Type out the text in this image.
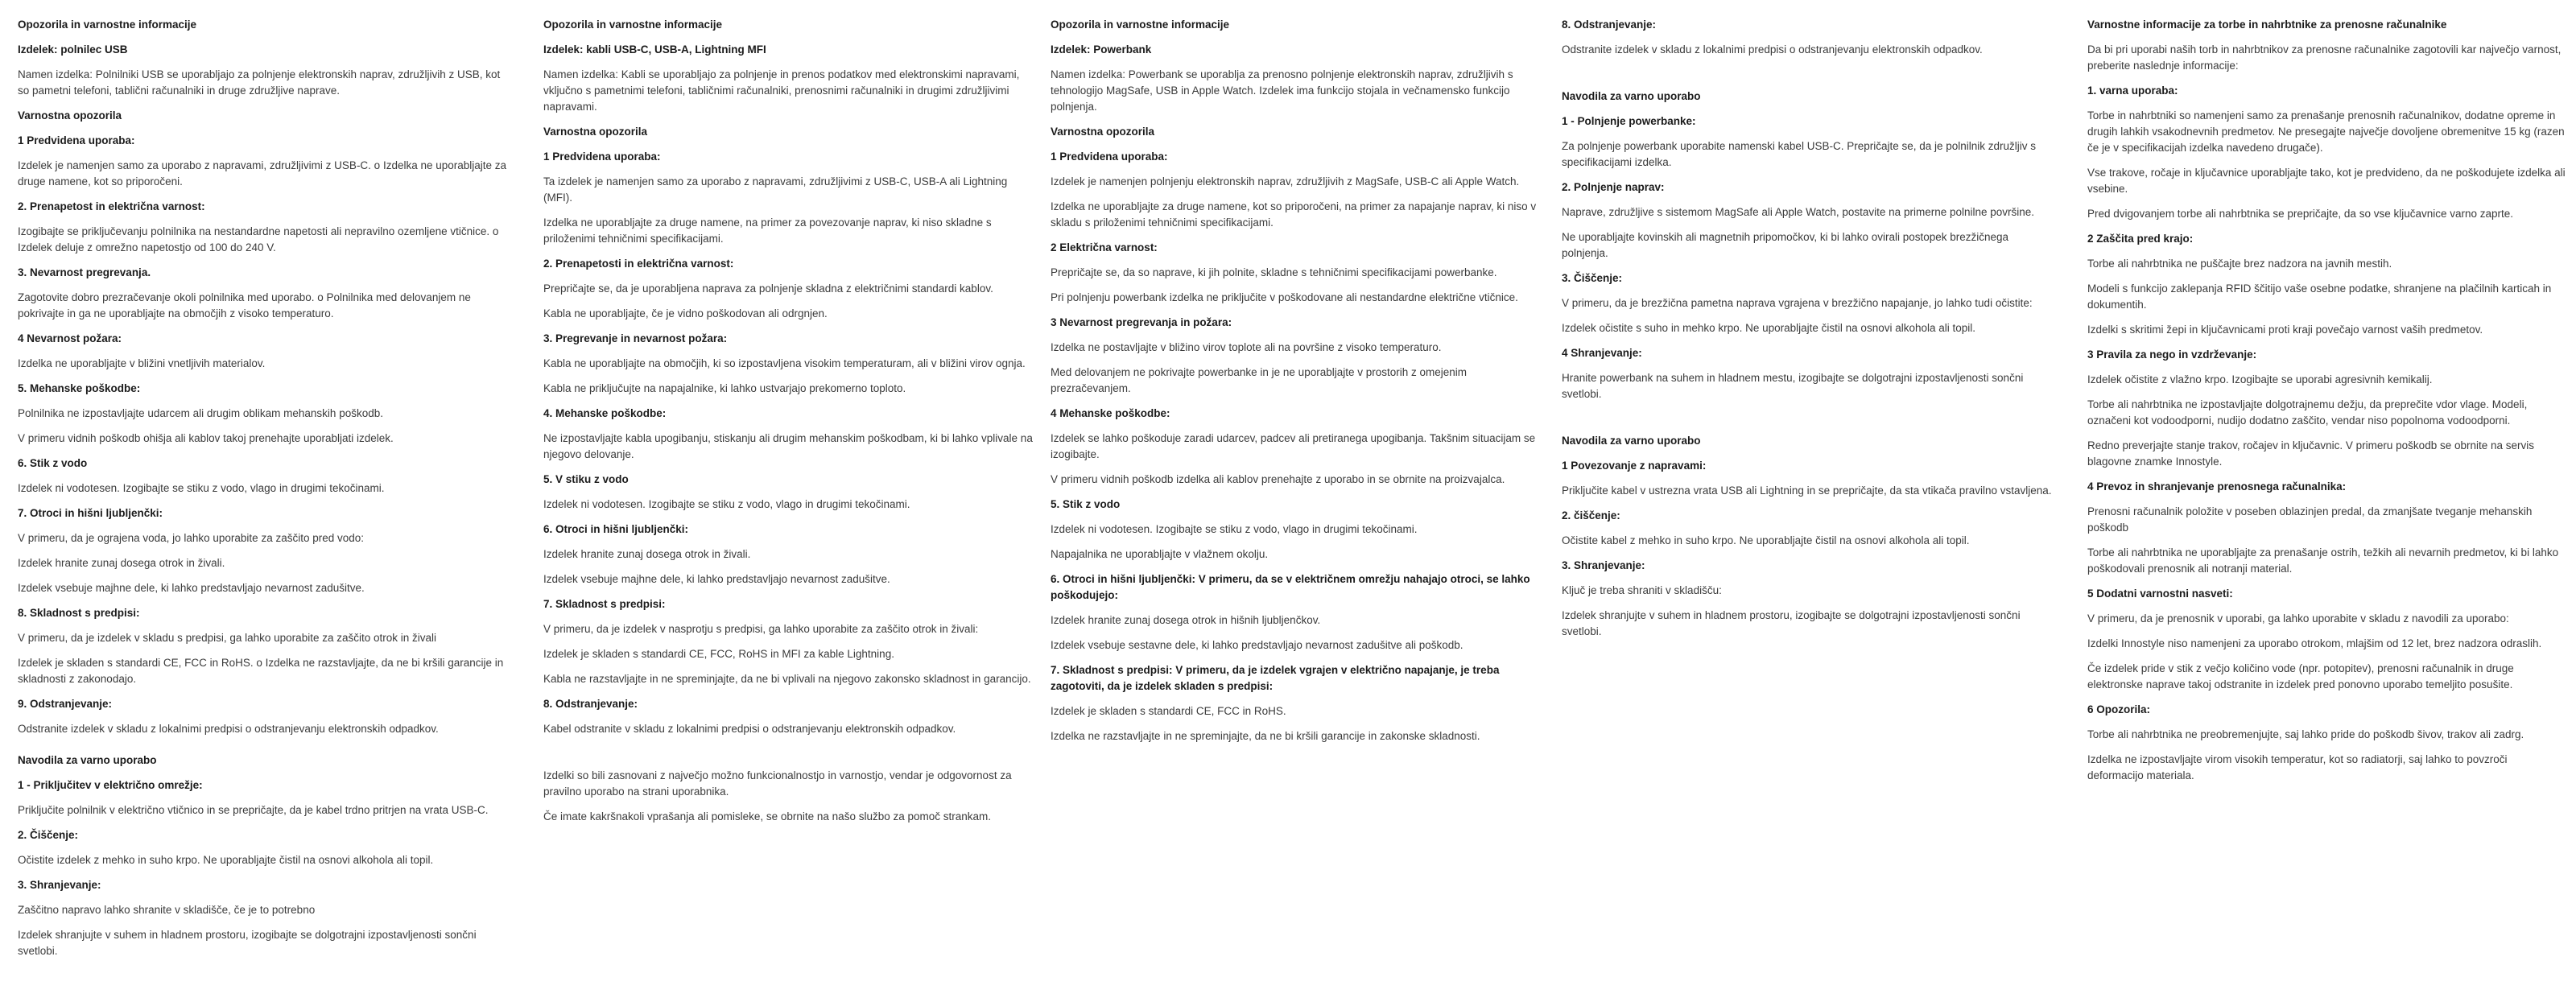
Opozorila in varnostne informacije
Izdelek: polnilec USB
Namen izdelka: Polnilniki USB se uporabljajo za polnjenje elektronskih naprav, združljivih z USB, kot so pametni telefoni, tablični računalniki in druge združljive naprave.
Varnostna opozorila
1 Predvidena uporaba:
Izdelek je namenjen samo za uporabo z napravami, združljivimi z USB-C. o Izdelka ne uporabljajte za druge namene, kot so priporočeni.
2. Prenapetost in električna varnost:
Izogibajte se priključevanju polnilnika na nestandardne napetosti ali nepravilno ozemljene vtičnice. o Izdelek deluje z omrežno napetostjo od 100 do 240 V.
3. Nevarnost pregrevanja.
Zagotovite dobro prezračevanje okoli polnilnika med uporabo. o Polnilnika med delovanjem ne pokrivajte in ga ne uporabljajte na območjih z visoko temperaturo.
4 Nevarnost požara:
Izdelka ne uporabljajte v bližini vnetljivih materialov.
5. Mehanske poškodbe:
Polnilnika ne izpostavljajte udarcem ali drugim oblikam mehanskih poškodb.
V primeru vidnih poškodb ohišja ali kablov takoj prenehajte uporabljati izdelek.
6. Stik z vodo
Izdelek ni vodotesen. Izogibajte se stiku z vodo, vlago in drugimi tekočinami.
7. Otroci in hišni ljubljenčki:
V primeru, da je ograjena voda, jo lahko uporabite za zaščito pred vodo:
Izdelek hranite zunaj dosega otrok in živali.
Izdelek vsebuje majhne dele, ki lahko predstavljajo nevarnost zadušitve.
8. Skladnost s predpisi:
V primeru, da je izdelek v skladu s predpisi, ga lahko uporabite za zaščito otrok in živali
Izdelek je skladen s standardi CE, FCC in RoHS. o Izdelka ne razstavljajte, da ne bi kršili garancije in skladnosti z zakonodajo.
9. Odstranjevanje:
Odstranite izdelek v skladu z lokalnimi predpisi o odstranjevanju elektronskih odpadkov.
Navodila za varno uporabo
1 - Priključitev v električno omrežje:
Priključite polnilnik v električno vtičnico in se prepričajte, da je kabel trdno pritrjen na vrata USB-C.
2. Čiščenje:
Očistite izdelek z mehko in suho krpo. Ne uporabljajte čistil na osnovi alkohola ali topil.
3. Shranjevanje:
Zaščitno napravo lahko shranite v skladišče, če je to potrebno
Izdelek shranjujte v suhem in hladnem prostoru, izogibajte se dolgotrajni izpostavljenosti sončni svetlobi.
Opozorila in varnostne informacije
Izdelek: kabli USB-C, USB-A, Lightning MFI
Namen izdelka: Kabli se uporabljajo za polnjenje in prenos podatkov med elektronskimi napravami, vključno s pametnimi telefoni, tabličnimi računalniki, prenosnimi računalniki in drugimi združljivimi napravami.
Varnostna opozorila
1 Predvidena uporaba:
Ta izdelek je namenjen samo za uporabo z napravami, združljivimi z USB-C, USB-A ali Lightning (MFI).
Izdelka ne uporabljajte za druge namene, na primer za povezovanje naprav, ki niso skladne s priloženimi tehničnimi specifikacijami.
2. Prenapetosti in električna varnost:
Prepričajte se, da je uporabljena naprava za polnjenje skladna z električnimi standardi kablov.
Kabla ne uporabljajte, če je vidno poškodovan ali odrgnjen.
3. Pregrevanje in nevarnost požara:
Kabla ne uporabljajte na območjih, ki so izpostavljena visokim temperaturam, ali v bližini virov ognja.
Kabla ne priključujte na napajalnike, ki lahko ustvarjajo prekomerno toploto.
4. Mehanske poškodbe:
Ne izpostavljajte kabla upogibanju, stiskanju ali drugim mehanskim poškodbam, ki bi lahko vplivale na njegovo delovanje.
5. V stiku z vodo
Izdelek ni vodotesen. Izogibajte se stiku z vodo, vlago in drugimi tekočinami.
6. Otroci in hišni ljubljenčki:
Izdelek hranite zunaj dosega otrok in živali.
Izdelek vsebuje majhne dele, ki lahko predstavljajo nevarnost zadušitve.
7. Skladnost s predpisi:
V primeru, da je izdelek v nasprotju s predpisi, ga lahko uporabite za zaščito otrok in živali:
Izdelek je skladen s standardi CE, FCC, RoHS in MFI za kable Lightning.
Kabla ne razstavljajte in ne spreminjajte, da ne bi vplivali na njegovo zakonsko skladnost in garancijo.
8. Odstranjevanje:
Kabel odstranite v skladu z lokalnimi predpisi o odstranjevanju elektronskih odpadkov.
Izdelki so bili zasnovani z največjo možno funkcionalnostjo in varnostjo, vendar je odgovornost za pravilno uporabo na strani uporabnika.
Če imate kakršnakoli vprašanja ali pomisleke, se obrnite na našo službo za pomoč strankam.
Opozorila in varnostne informacije
Izdelek: Powerbank
Namen izdelka: Powerbank se uporablja za prenosno polnjenje elektronskih naprav, združljivih s tehnologijo MagSafe, USB in Apple Watch. Izdelek ima funkcijo stojala in večnamensko funkcijo polnjenja.
Varnostna opozorila
1 Predvidena uporaba:
Izdelek je namenjen polnjenju elektronskih naprav, združljivih z MagSafe, USB-C ali Apple Watch.
Izdelka ne uporabljajte za druge namene, kot so priporočeni, na primer za napajanje naprav, ki niso v skladu s priloženimi tehničnimi specifikacijami.
2 Električna varnost:
Prepričajte se, da so naprave, ki jih polnite, skladne s tehničnimi specifikacijami powerbanke.
Pri polnjenju powerbank izdelka ne priključite v poškodovane ali nestandardne električne vtičnice.
3 Nevarnost pregrevanja in požara:
Izdelka ne postavljajte v bližino virov toplote ali na površine z visoko temperaturo.
Med delovanjem ne pokrivajte powerbanke in je ne uporabljajte v prostorih z omejenim prezračevanjem.
4 Mehanske poškodbe:
Izdelek se lahko poškoduje zaradi udarcev, padcev ali pretiranega upogibanja. Takšnim situacijam se izogibajte.
V primeru vidnih poškodb izdelka ali kablov prenehajte z uporabo in se obrnite na proizvajalca.
5. Stik z vodo
Izdelek ni vodotesen. Izogibajte se stiku z vodo, vlago in drugimi tekočinami.
Napajalnika ne uporabljajte v vlažnem okolju.
6. Otroci in hišni ljubljenčki: V primeru, da se v električnem omrežju nahajajo otroci, se lahko poškodujejo:
Izdelek hranite zunaj dosega otrok in hišnih ljubljenčkov.
Izdelek vsebuje sestavne dele, ki lahko predstavljajo nevarnost zadušitve ali poškodb.
7. Skladnost s predpisi: V primeru, da je izdelek vgrajen v električno napajanje, je treba zagotoviti, da je izdelek skladen s predpisi:
Izdelek je skladen s standardi CE, FCC in RoHS.
Izdelka ne razstavljajte in ne spreminjajte, da ne bi kršili garancije in zakonske skladnosti.
8. Odstranjevanje:
Odstranite izdelek v skladu z lokalnimi predpisi o odstranjevanju elektronskih odpadkov.
Navodila za varno uporabo
1 - Polnjenje powerbanke:
Za polnjenje powerbank uporabite namenski kabel USB-C. Prepričajte se, da je polnilnik združljiv s specifikacijami izdelka.
2. Polnjenje naprav:
Naprave, združljive s sistemom MagSafe ali Apple Watch, postavite na primerne polnilne površine.
Ne uporabljajte kovinskih ali magnetnih pripomočkov, ki bi lahko ovirali postopek brezžičnega polnjenja.
3. Čiščenje:
V primeru, da je brezžična pametna naprava vgrajena v brezžično napajanje, jo lahko tudi očistite:
Izdelek očistite s suho in mehko krpo. Ne uporabljajte čistil na osnovi alkohola ali topil.
4 Shranjevanje:
Hranite powerbank na suhem in hladnem mestu, izogibajte se dolgotrajni izpostavljenosti sončni svetlobi.
Navodila za varno uporabo
1 Povezovanje z napravami:
Priključite kabel v ustrezna vrata USB ali Lightning in se prepričajte, da sta vtikača pravilno vstavljena.
2. čiščenje:
Očistite kabel z mehko in suho krpo. Ne uporabljajte čistil na osnovi alkohola ali topil.
3. Shranjevanje:
Ključ je treba shraniti v skladišču:
Izdelek shranjujte v suhem in hladnem prostoru, izogibajte se dolgotrajni izpostavljenosti sončni svetlobi.
Varnostne informacije za torbe in nahrbtnike za prenosne računalnike
Da bi pri uporabi naših torb in nahrbtnikov za prenosne računalnike zagotovili kar največjo varnost, preberite naslednje informacije:
1. varna uporaba:
Torbe in nahrbtniki so namenjeni samo za prenašanje prenosnih računalnikov, dodatne opreme in drugih lahkih vsakodnevnih predmetov. Ne presegajte največje dovoljene obremenitve 15 kg (razen če je v specifikacijah izdelka navedeno drugače).
Vse trakove, ročaje in ključavnice uporabljajte tako, kot je predvideno, da ne poškodujete izdelka ali vsebine.
Pred dvigovanjem torbe ali nahrbtnika se prepričajte, da so vse ključavnice varno zaprte.
2 Zaščita pred krajo:
Torbe ali nahrbtnika ne puščajte brez nadzora na javnih mestih.
Modeli s funkcijo zaklepanja RFID ščitijo vaše osebne podatke, shranjene na plačilnih karticah in dokumentih.
Izdelki s skritimi žepi in ključavnicami proti kraji povečajo varnost vaših predmetov.
3 Pravila za nego in vzdrževanje:
Izdelek očistite z vlažno krpo. Izogibajte se uporabi agresivnih kemikalij.
Torbe ali nahrbtnika ne izpostavljajte dolgotrajnemu dežju, da preprečite vdor vlage. Modeli, označeni kot vodoodporni, nudijo dodatno zaščito, vendar niso popolnoma vodoodporni.
Redno preverjajte stanje trakov, ročajev in ključavnic. V primeru poškodb se obrnite na servis blagovne znamke Innostyle.
4 Prevoz in shranjevanje prenosnega računalnika:
Prenosni računalnik položite v poseben oblazinjen predal, da zmanjšate tveganje mehanskih poškodb
Torbe ali nahrbtnika ne uporabljajte za prenašanje ostrih, težkih ali nevarnih predmetov, ki bi lahko poškodovali prenosnik ali notranji material.
5 Dodatni varnostni nasveti:
V primeru, da je prenosnik v uporabi, ga lahko uporabite v skladu z navodili za uporabo:
Izdelki Innostyle niso namenjeni za uporabo otrokom, mlajšim od 12 let, brez nadzora odraslih.
Če izdelek pride v stik z večjo količino vode (npr. potopitev), prenosni računalnik in druge elektronske naprave takoj odstranite in izdelek pred ponovno uporabo temeljito posušite.
6 Opozorila:
Torbe ali nahrbtnika ne preobremenjujte, saj lahko pride do poškodb šivov, trakov ali zadrg.
Izdelka ne izpostavljajte virom visokih temperatur, kot so radiatorji, saj lahko to povzroči deformacijo materiala.
